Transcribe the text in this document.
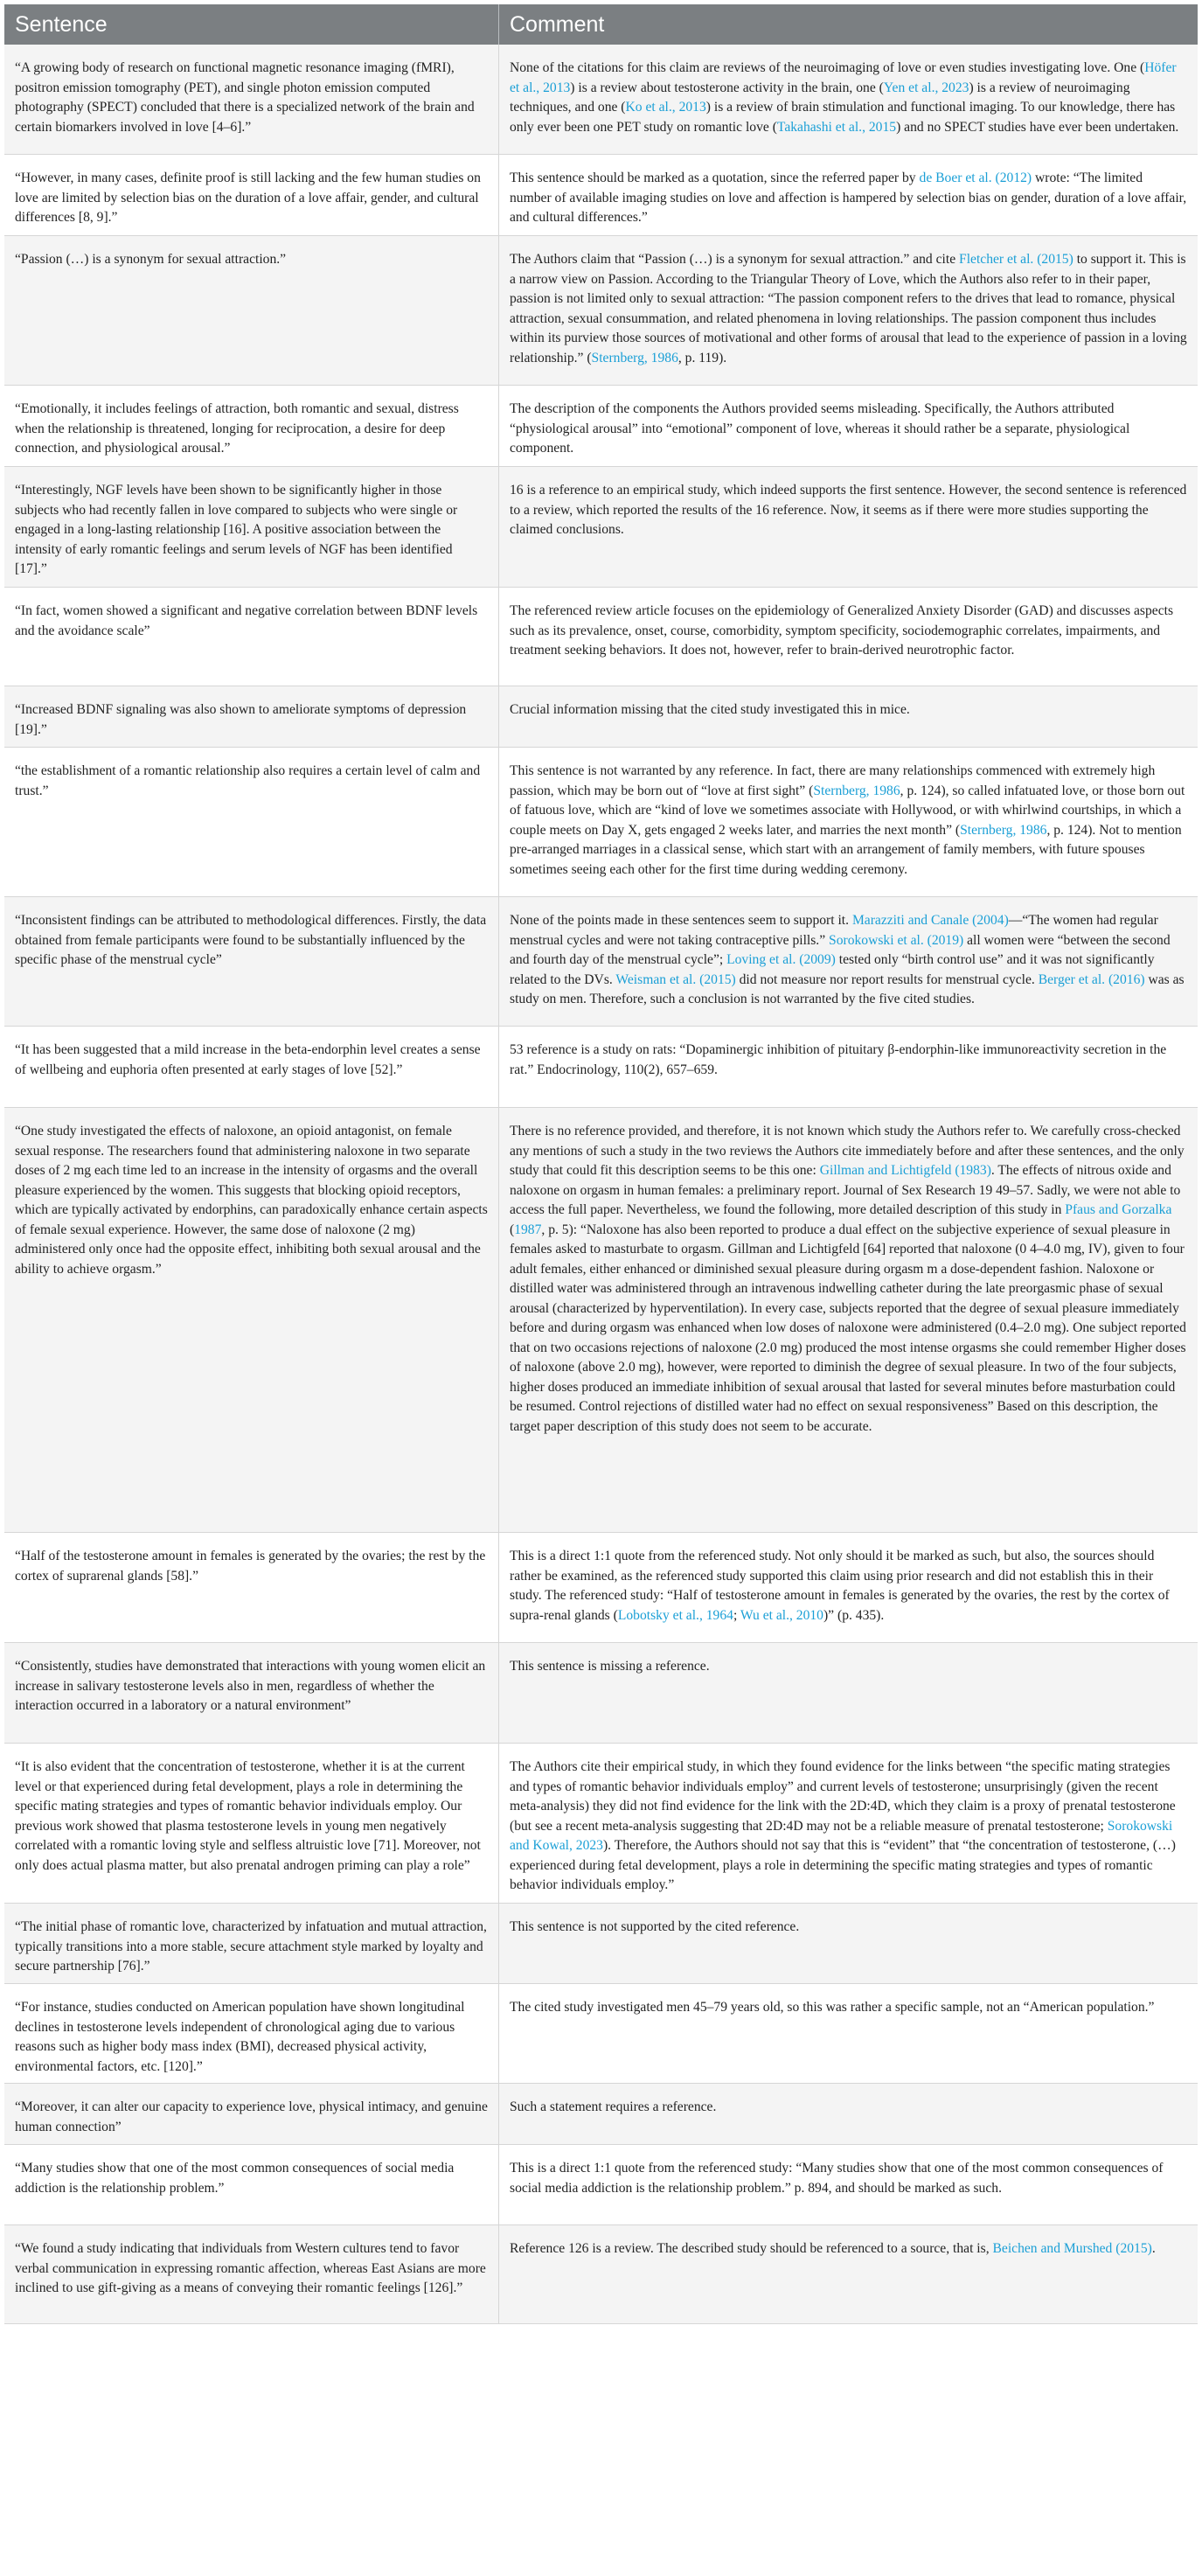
Sentence	Comment
“A growing body of research on functional magnetic resonance imaging (fMRI), positron emission tomography (PET), and single photon emission computed photography (SPECT) concluded that there is a specialized network of the brain and certain biomarkers involved in love [4–6].”
None of the citations for this claim are reviews of the neuroimaging of love or even studies investigating love. One (Höfer et al., 2013) is a review about testosterone activity in the brain, one (Yen et al., 2023) is a review of neuroimaging techniques, and one (Ko et al., 2013) is a review of brain stimulation and functional imaging. To our knowledge, there has only ever been one PET study on romantic love (Takahashi et al., 2015) and no SPECT studies have ever been undertaken.
“However, in many cases, definite proof is still lacking and the few human studies on love are limited by selection bias on the duration of a love affair, gender, and cultural differences [8, 9].”
This sentence should be marked as a quotation, since the referred paper by de Boer et al. (2012) wrote: “The limited number of available imaging studies on love and affection is hampered by selection bias on gender, duration of a love affair, and cultural differences.”
“Passion (…) is a synonym for sexual attraction.”	The Authors claim that “Passion (…) is a synonym for sexual attraction.” and cite Fletcher et al. (2015) to support it. This is a narrow view on Passion. According to the Triangular Theory of Love, which the Authors also refer to in their paper, passion is not limited only to sexual attraction: “The passion component refers to the drives that lead to romance, physical attraction, sexual consummation, and related phenomena in loving relationships. The passion component thus includes within its purview those sources of motivational and other forms of arousal that lead to the experience of passion in a loving relationship.” (Sternberg, 1986, p. 119).
“Emotionally, it includes feelings of attraction, both romantic and sexual, distress when the relationship is threatened, longing for reciprocation, a desire for deep connection, and physiological arousal.”
The description of the components the Authors provided seems misleading. Specifically, the Authors attributed “physiological arousal” into “emotional” component of love, whereas it should rather be a separate, physiological component.
“Interestingly, NGF levels have been shown to be significantly higher in those subjects who had recently fallen in love compared to subjects who were single or engaged in a long-lasting relationship [16]. A positive association between the intensity of early romantic feelings and serum levels of NGF has been identified [17].”
16 is a reference to an empirical study, which indeed supports the first sentence. However, the second sentence is referenced to a review, which reported the results of the 16 reference. Now, it seems as if there were more studies supporting the claimed conclusions.
“In fact, women showed a significant and negative correlation between BDNF levels and the avoidance scale”
The referenced review article focuses on the epidemiology of Generalized Anxiety Disorder (GAD) and discusses aspects such as its prevalence, onset, course, comorbidity, symptom specificity, sociodemographic correlates, impairments, and treatment seeking behaviors. It does not, however, refer to brain-derived neurotrophic factor.
“Increased BDNF signaling was also shown to ameliorate symptoms of depression [19].”
Crucial information missing that the cited study investigated this in mice.
“the establishment of a romantic relationship also requires a certain level of calm and trust.”
This sentence is not warranted by any reference. In fact, there are many relationships commenced with extremely high passion, which may be born out of “love at first sight” (Sternberg, 1986, p. 124), so called infatuated love, or those born out of fatuous love, which are “kind of love we sometimes associate with Hollywood, or with whirlwind courtships, in which a couple meets on Day X, gets engaged 2 weeks later, and marries the next month” (Sternberg, 1986, p. 124). Not to mention pre-arranged marriages in a classical sense, which start with an arrangement of family members, with future spouses sometimes seeing each other for the first time during wedding ceremony.
“Inconsistent findings can be attributed to methodological differences. Firstly, the data obtained from female participants were found to be substantially influenced by the specific phase of the menstrual cycle”
None of the points made in these sentences seem to support it. Marazziti and Canale (2004)—“The women had regular menstrual cycles and were not taking contraceptive pills.” Sorokowski et al. (2019) all women were “between the second and fourth day of the menstrual cycle”; Loving et al. (2009) tested only “birth control use” and it was not significantly related to the DVs. Weisman et al. (2015) did not measure nor report results for menstrual cycle. Berger et al. (2016) was as study on men. Therefore, such a conclusion is not warranted by the five cited studies.
“It has been suggested that a mild increase in the beta-endorphin level creates a sense of wellbeing and euphoria often presented at early stages of love [52].”
53 reference is a study on rats: “Dopaminergic inhibition of pituitary β-endorphin-like immunoreactivity secretion in the rat.” Endocrinology, 110(2), 657–659.
“One study investigated the effects of naloxone, an opioid antagonist, on female sexual response. The researchers found that administering naloxone in two separate doses of 2 mg each time led to an increase in the intensity of orgasms and the overall pleasure experienced by the women. This suggests that blocking opioid receptors, which are typically activated by endorphins, can paradoxically enhance certain aspects of female sexual experience. However, the same dose of naloxone (2 mg) administered only once had the opposite effect, inhibiting both sexual arousal and the ability to achieve orgasm.”
There is no reference provided, and therefore, it is not known which study the Authors refer to. We carefully cross-checked any mentions of such a study in the two reviews the Authors cite immediately before and after these sentences, and the only study that could fit this description seems to be this one: Gillman and Lichtigfeld (1983). The effects of nitrous oxide and naloxone on orgasm in human females: a preliminary report. Journal of Sex Research 19 49–57. Sadly, we were not able to access the full paper. Nevertheless, we found the following, more detailed description of this study in Pfaus and Gorzalka (1987, p. 5): “Naloxone has also been reported to produce a dual effect on the subjective experience of sexual pleasure in females asked to masturbate to orgasm. Gillman and Lichtigfeld [64] reported that naloxone (0 4–4.0 mg, IV), given to four adult females, either enhanced or diminished sexual pleasure during orgasm m a dose-dependent fashion. Naloxone or distilled water was administered through an intravenous indwelling catheter during the late preorgasmic phase of sexual arousal (characterized by hyperventilation). In every case, subjects reported that the degree of sexual pleasure immediately before and during orgasm was enhanced when low doses of naloxone were administered (0.4–2.0 mg). One subject reported that on two occasions rejections of naloxone (2.0 mg) produced the most intense orgasms she could remember Higher doses of naloxone (above 2.0 mg), however, were reported to diminish the degree of sexual pleasure. In two of the four subjects, higher doses produced an immediate inhibition of sexual arousal that lasted for several minutes before masturbation could be resumed. Control rejections of distilled water had no effect on sexual responsiveness” Based on this description, the target paper description of this study does not seem to be accurate.
“Half of the testosterone amount in females is generated by the ovaries; the rest by the cortex of suprarenal glands [58].”
This is a direct 1:1 quote from the referenced study. Not only should it be marked as such, but also, the sources should rather be examined, as the referenced study supported this claim using prior research and did not establish this in their study. The referenced study: “Half of testosterone amount in females is generated by the ovaries, the rest by the cortex of supra-renal glands (Lobotsky et al., 1964; Wu et al., 2010)” (p. 435).
“Consistently, studies have demonstrated that interactions with young women elicit an increase in salivary testosterone levels also in men, regardless of whether the interaction occurred in a laboratory or a natural environment”
This sentence is missing a reference.
“It is also evident that the concentration of testosterone, whether it is at the current level or that experienced during fetal development, plays a role in determining the specific mating strategies and types of romantic behavior individuals employ. Our previous work showed that plasma testosterone levels in young men negatively correlated with a romantic loving style and selfless altruistic love [71]. Moreover, not only does actual plasma matter, but also prenatal androgen priming can play a role”
The Authors cite their empirical study, in which they found evidence for the links between “the specific mating strategies and types of romantic behavior individuals employ” and current levels of testosterone; unsurprisingly (given the recent meta-analysis) they did not find evidence for the link with the 2D:4D, which they claim is a proxy of prenatal testosterone (but see a recent meta-analysis suggesting that 2D:4D may not be a reliable measure of prenatal testosterone; Sorokowski and Kowal, 2023). Therefore, the Authors should not say that this is “evident” that “the concentration of testosterone, (…) experienced during fetal development, plays a role in determining the specific mating strategies and types of romantic behavior individuals employ.”
“The initial phase of romantic love, characterized by infatuation and mutual attraction, typically transitions into a more stable, secure attachment style marked by loyalty and secure partnership [76].”
This sentence is not supported by the cited reference.
“For instance, studies conducted on American population have shown longitudinal declines in testosterone levels independent of chronological aging due to various reasons such as higher body mass index (BMI), decreased physical activity, environmental factors, etc. [120].”
The cited study investigated men 45–79 years old, so this was rather a specific sample, not an “American population.”
“Moreover, it can alter our capacity to experience love, physical intimacy, and genuine human connection”
Such a statement requires a reference.
“Many studies show that one of the most common consequences of social media addiction is the relationship problem.”
This is a direct 1:1 quote from the referenced study: “Many studies show that one of the most common consequences of social media addiction is the relationship problem.” p. 894, and should be marked as such.
“We found a study indicating that individuals from Western cultures tend to favor verbal communication in expressing romantic affection, whereas East Asians are more inclined to use gift-giving as a means of conveying their romantic feelings [126].”
Reference 126 is a review. The described study should be referenced to a source, that is, Beichen and Murshed (2015).
